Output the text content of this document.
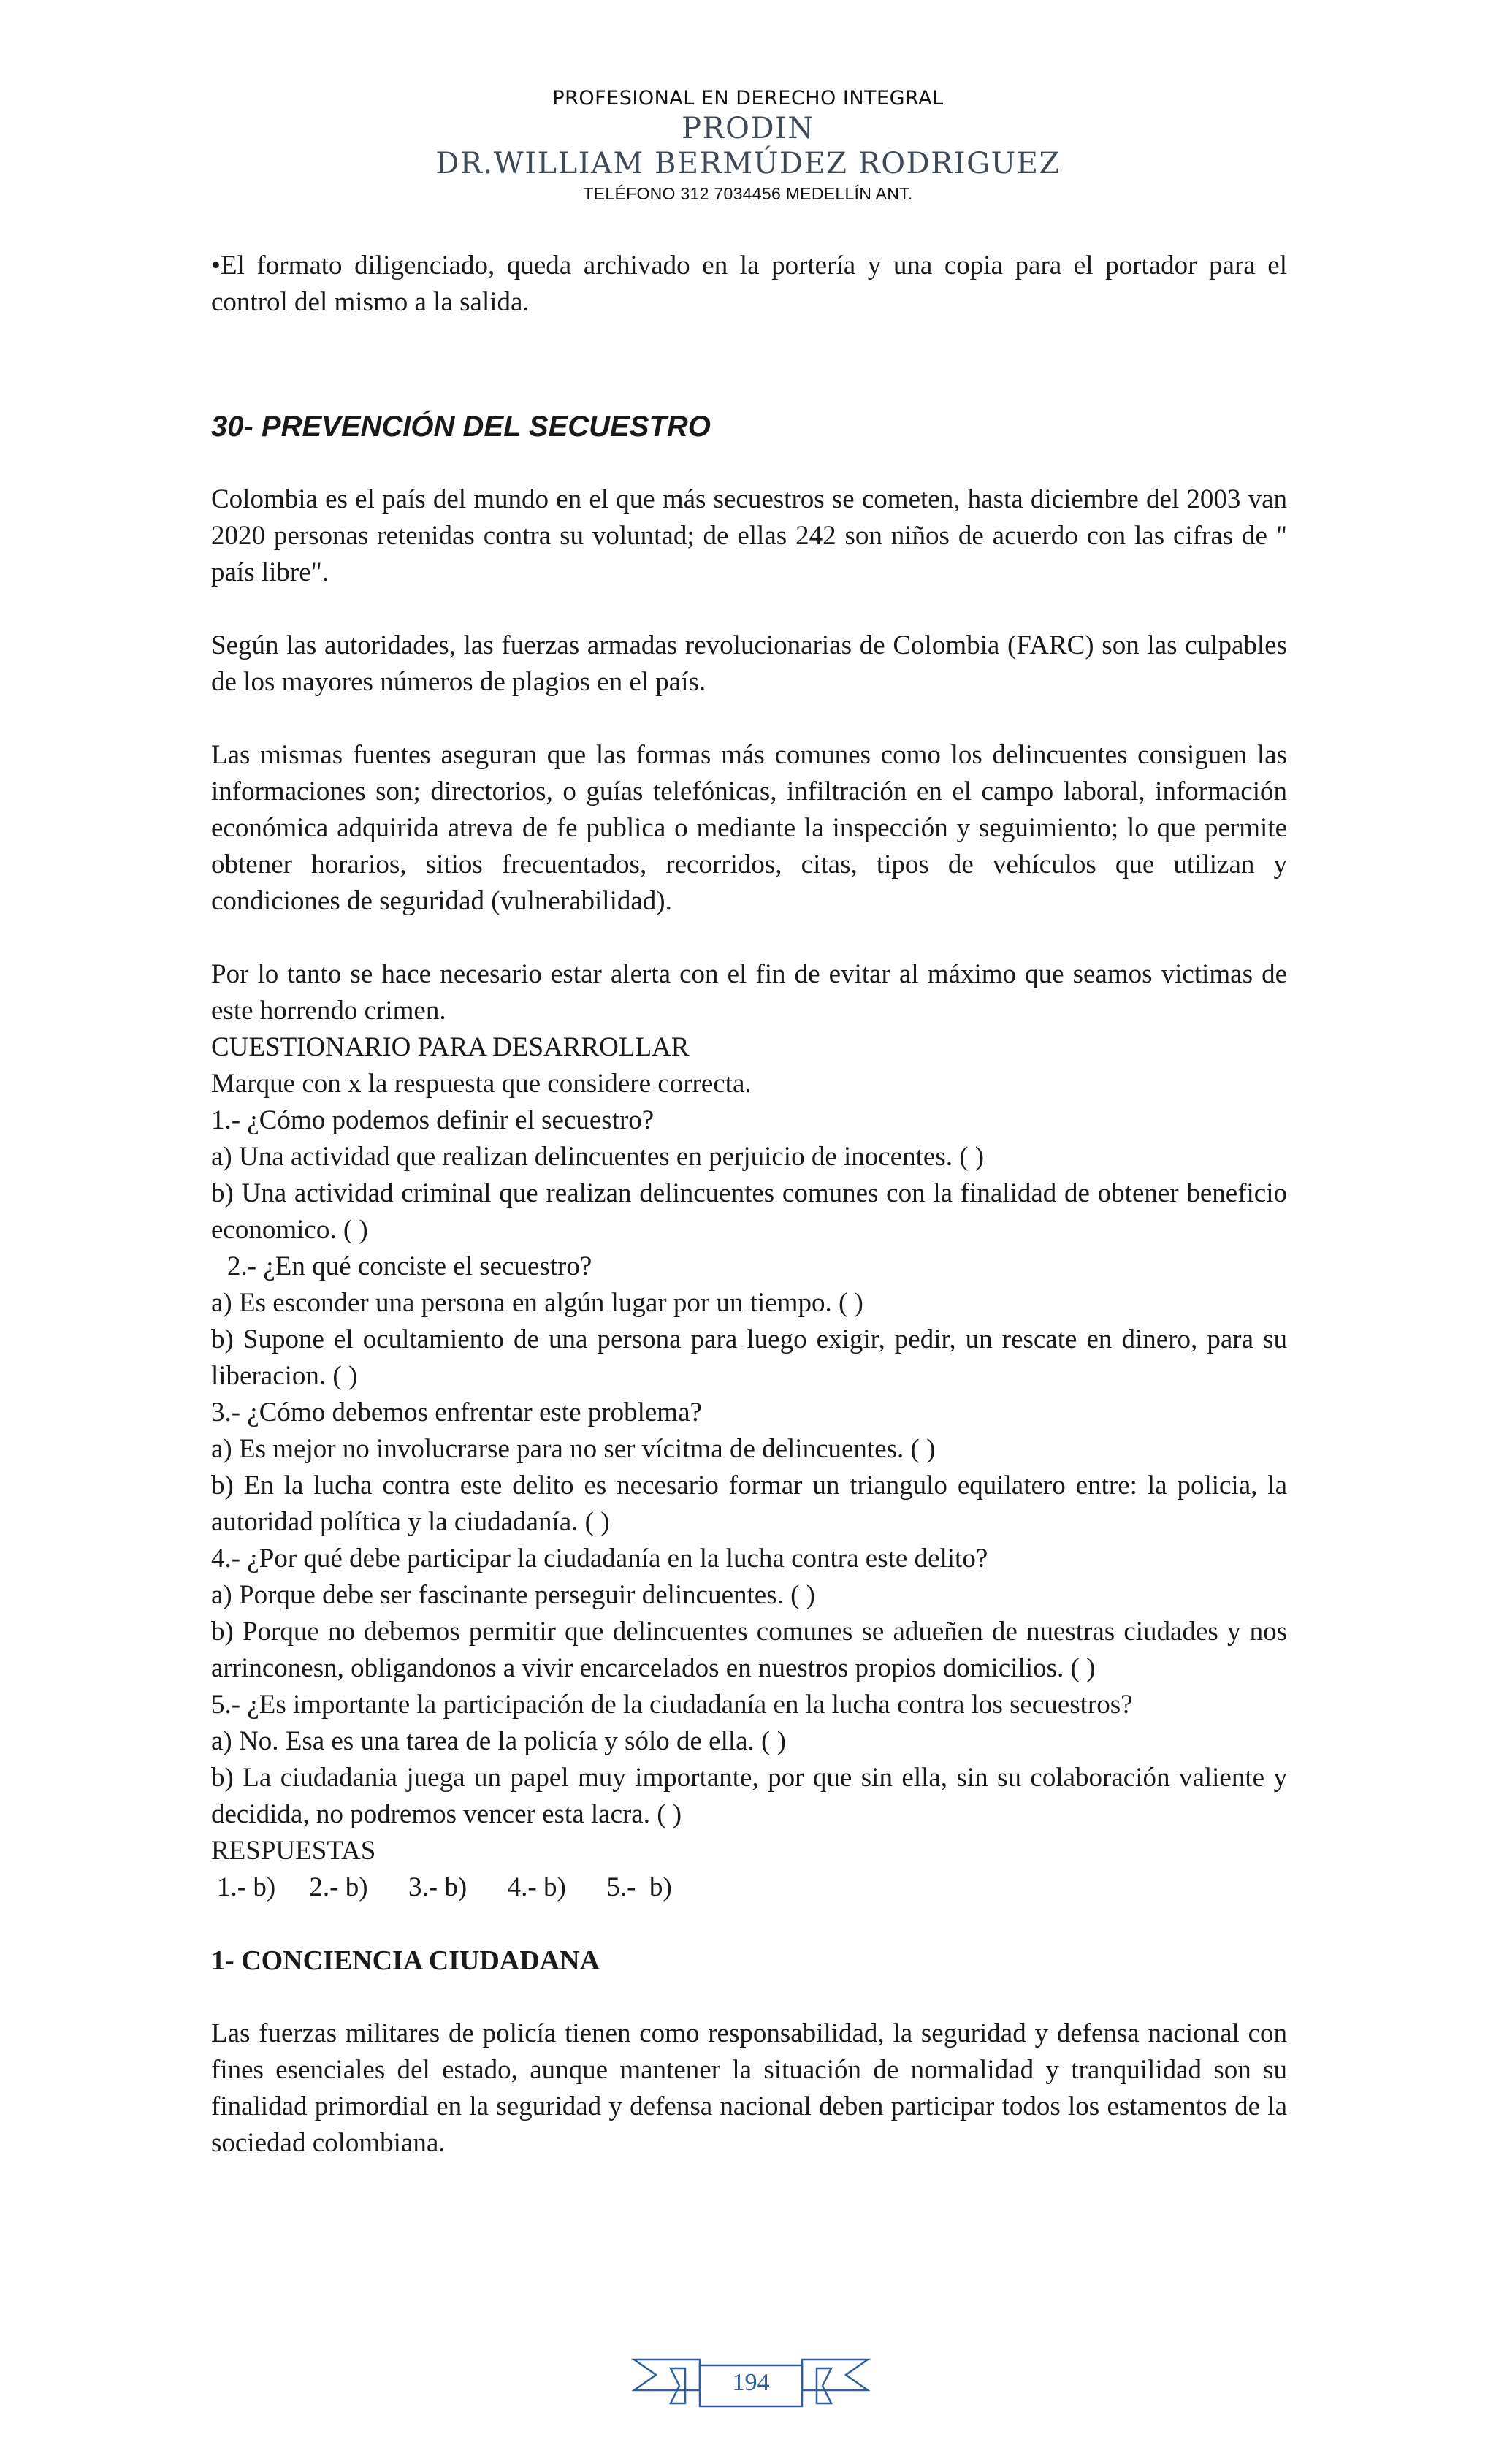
PROFESIONAL EN DERECHO INTEGRAL
PRODIN
DR.WILLIAM BERMÚDEZ RODRIGUEZ
TELÉFONO 312 7034456 MEDELLÍN ANT.

•El formato diligenciado, queda archivado en la portería y una copia para el portador para el control del mismo a la salida.

30- PREVENCIÓN DEL SECUESTRO

Colombia es el país del mundo en el que más secuestros se cometen, hasta diciembre del 2003 van 2020 personas retenidas contra su voluntad; de ellas 242 son niños de acuerdo con las cifras de " país libre".

Según las autoridades, las fuerzas armadas revolucionarias de Colombia (FARC) son las culpables de los mayores números de plagios en el país.

Las mismas fuentes aseguran que las formas más comunes como los delincuentes consiguen las informaciones son; directorios, o guías telefónicas, infiltración en el campo laboral, información económica adquirida atreva de fe publica o mediante la inspección y seguimiento; lo que permite obtener horarios, sitios frecuentados, recorridos, citas, tipos de vehículos que utilizan y condiciones de seguridad (vulnerabilidad).

Por lo tanto se hace necesario estar alerta con el fin de evitar al máximo que seamos victimas de este horrendo crimen.

CUESTIONARIO PARA DESARROLLAR

Marque con x la respuesta que considere correcta.

1.- ¿Cómo podemos definir el secuestro?

a) Una actividad que realizan delincuentes en perjuicio de inocentes. ( )

b) Una actividad criminal que realizan delincuentes comunes con la finalidad de obtener beneficio economico. ( )

2.- ¿En qué conciste el secuestro?

a) Es esconder una persona en algún lugar por un tiempo. ( )

b) Supone el ocultamiento de una persona para luego exigir, pedir, un rescate en dinero, para su liberacion. ( )

3.- ¿Cómo debemos enfrentar este problema?

a) Es mejor no involucrarse para no ser vícitma de delincuentes. ( )

b) En la lucha contra este delito es necesario formar un triangulo equilatero entre: la policia, la autoridad política y la ciudadanía. ( )

4.- ¿Por qué debe participar la ciudadanía en la lucha contra este delito?

a) Porque debe ser fascinante perseguir delincuentes. ( )

b) Porque no debemos permitir que delincuentes comunes se adueñen de nuestras ciudades y nos arrinconesn, obligandonos a vivir encarcelados en nuestros propios domicilios. ( )

5.- ¿Es importante la participación de la ciudadanía en la lucha contra los secuestros?

a) No. Esa es una tarea de la policía y sólo de ella. ( )

b) La ciudadania juega un papel muy importante, por que sin ella, sin su colaboración valiente y decidida, no podremos vencer esta lacra. ( )

RESPUESTAS

1.- b)     2.- b)      3.- b)      4.- b)      5.-  b)

1- CONCIENCIA CIUDADANA

Las fuerzas militares de policía tienen como responsabilidad, la seguridad y defensa nacional con fines esenciales del estado, aunque mantener la situación de normalidad y tranquilidad son su finalidad primordial en la seguridad y defensa nacional deben participar todos los estamentos de la sociedad colombiana.

194
